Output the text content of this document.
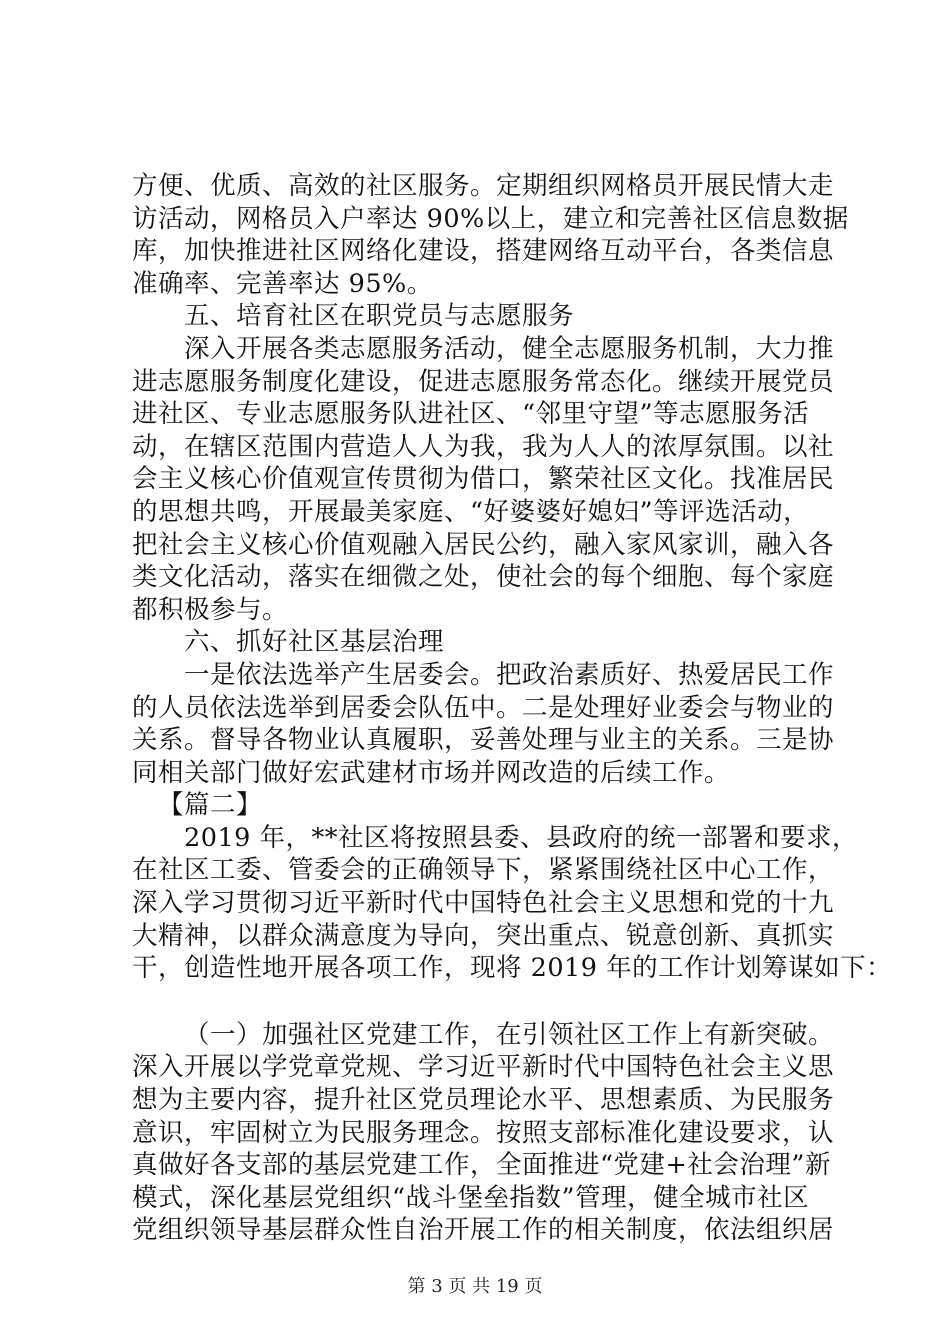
方便、优质、高效的社区服务。定期组织网格员开展民情大走
访活动，网格员入户率达 90%以上，建立和完善社区信息数据
库，加快推进社区网络化建设，搭建网络互动平台，各类信息
准确率、完善率达 95%。
五、培育社区在职党员与志愿服务
深入开展各类志愿服务活动，健全志愿服务机制，大力推
进志愿服务制度化建设，促进志愿服务常态化。继续开展党员
进社区、专业志愿服务队进社区、“邻里守望”等志愿服务活
动，在辖区范围内营造人人为我，我为人人的浓厚氛围。以社
会主义核心价值观宣传贯彻为借口，繁荣社区文化。找准居民
的思想共鸣，开展最美家庭、“好婆婆好媳妇”等评选活动，
把社会主义核心价值观融入居民公约，融入家风家训，融入各
类文化活动，落实在细微之处，使社会的每个细胞、每个家庭
都积极参与。
六、抓好社区基层治理
一是依法选举产生居委会。把政治素质好、热爱居民工作
的人员依法选举到居委会队伍中。二是处理好业委会与物业的
关系。督导各物业认真履职，妥善处理与业主的关系。三是协
同相关部门做好宏武建材市场并网改造的后续工作。
【篇二】
2019 年，**社区将按照县委、县政府的统一部署和要求，
在社区工委、管委会的正确领导下，紧紧围绕社区中心工作，
深入学习贯彻习近平新时代中国特色社会主义思想和党的十九
大精神，以群众满意度为导向，突出重点、锐意创新、真抓实
干，创造性地开展各项工作，现将 2019 年的工作计划筹谋如下：
（一）加强社区党建工作，在引领社区工作上有新突破。
深入开展以学党章党规、学习近平新时代中国特色社会主义思
想为主要内容，提升社区党员理论水平、思想素质、为民服务
意识，牢固树立为民服务理念。按照支部标准化建设要求，认
真做好各支部的基层党建工作，全面推进“党建+社会治理”新
模式，深化基层党组织“战斗堡垒指数”管理，健全城市社区
党组织领导基层群众性自治开展工作的相关制度，依法组织居
第 3 页 共 19 页
